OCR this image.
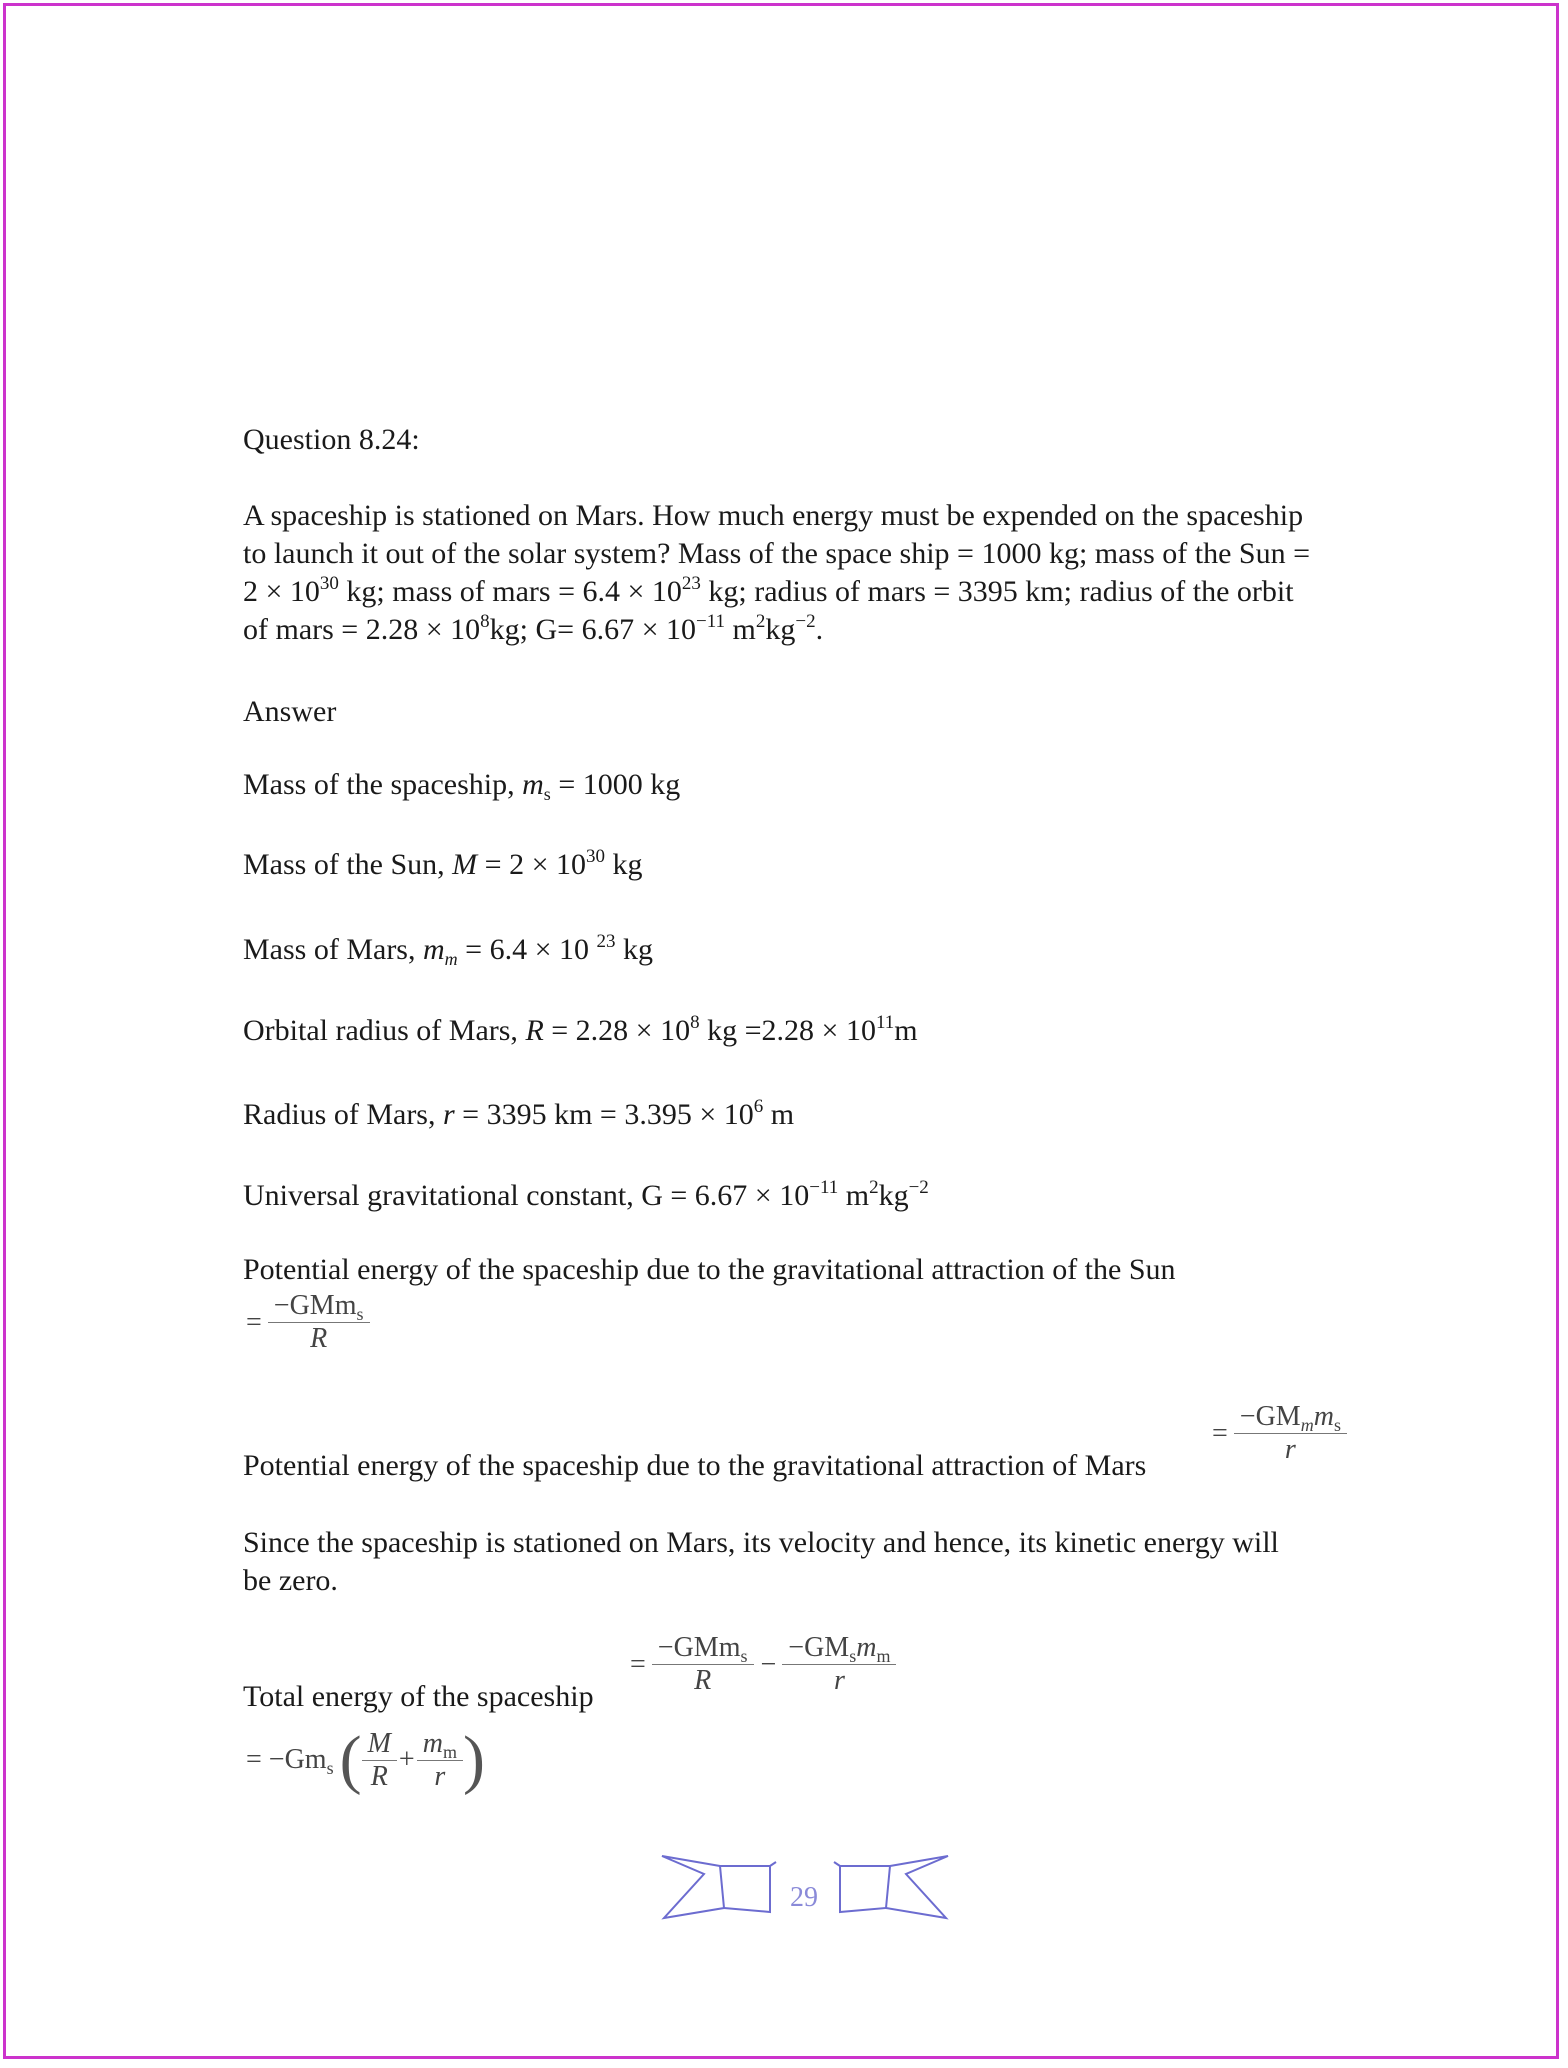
Question 8.24:
A spaceship is stationed on Mars. How much energy must be expended on the spaceship
to launch it out of the solar system? Mass of the space ship = 1000 kg; mass of the Sun =
$2 \times 10^{30}$ kg; mass of mars = $6.4 \times 10^{23}$ kg; radius of mars = 3395 km; radius of the orbit
of mars = $2.28 \times 10^8kg$; $G= 6.67 \times 10^{-11}$ $m^2kg^{-2}$.
Answer
Mass of the spaceship, $m_s = 1000$ kg
Mass of the Sun, $M = 2 \times 10^{30}$ kg
Mass of Mars, $m_m = 6.4 \times 10$ $^{23}$ kg
Orbital radius of Mars, $R = 2.28 \times 10^8$ kg $=2.28 \times 10^{11}m$
Radius of Mars, r = 3395 km = $3.395 \times 10^6$ m
Universal gravitational constant, $G = 6.67 \times 10^{-11}$ $m^2kg^{-2}$
Potential energy of the spaceship due to the gravitational attraction of the Sun
= $\frac{-GMm_s}{R}$
Potential energy of the spaceship due to the gravitational attraction of Mars
= $\frac{-GM_mm_s}{r}$
Since the spaceship is stationed on Mars, its velocity and hence, its kinetic energy will
be zero.
Total energy of the spaceship
= $\frac{-GMm_s}{R} - \frac{-GM_sm_m}{r}$
= $-Gm_s( \frac{M}{R} + \frac{m_m}{r}$ )
29
